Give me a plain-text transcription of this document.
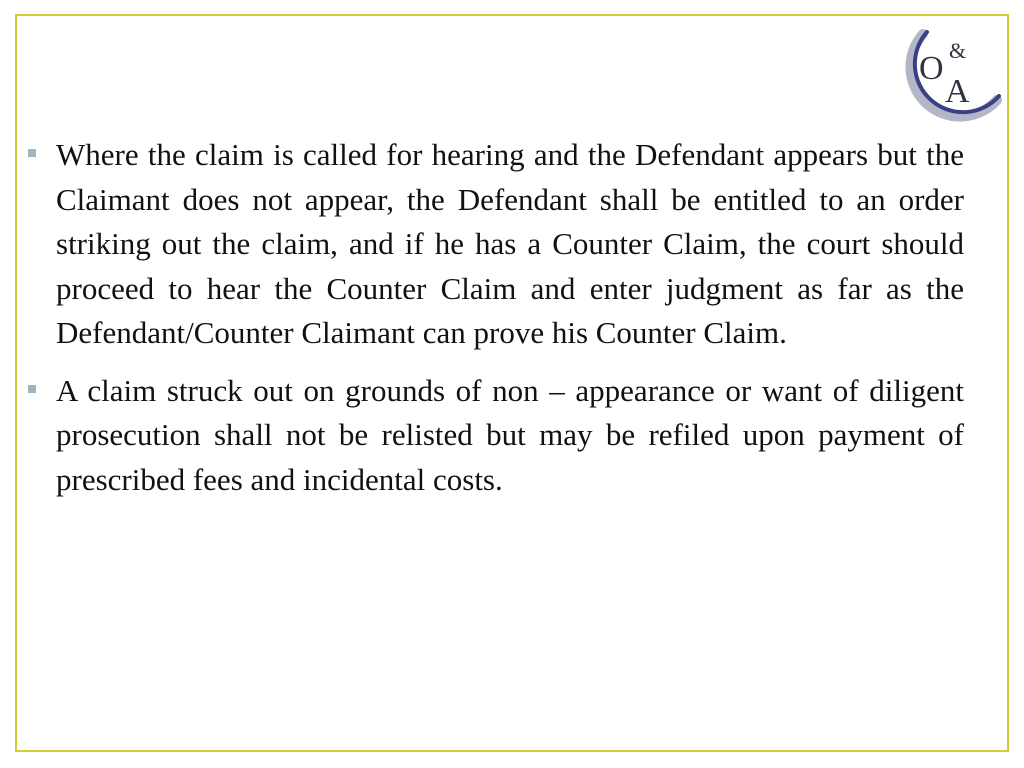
O &
A
Where the claim is called for hearing and the Defendant appears but the Claimant does not appear, the Defendant shall be entitled to an order striking out the claim, and if he has a Counter Claim, the court should proceed to hear the Counter Claim and enter judgment as far as the Defendant/Counter Claimant can prove his Counter Claim.
A claim struck out on grounds of non – appearance or want of diligent prosecution shall not be relisted but may be refiled upon payment of prescribed fees and incidental costs.
